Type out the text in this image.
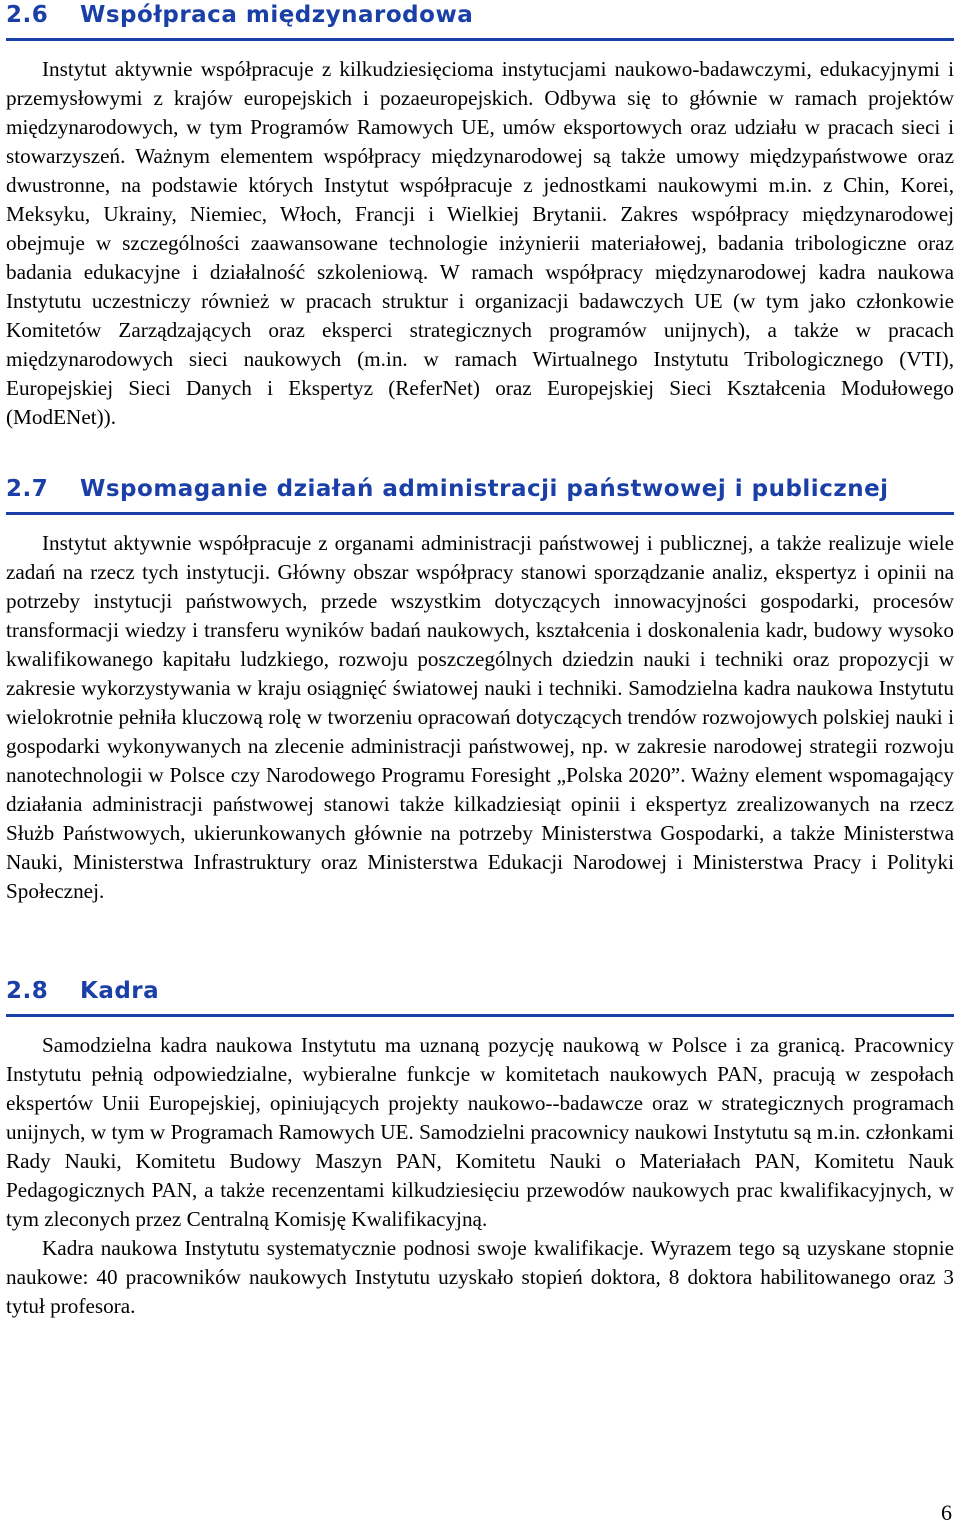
2.6	Współpraca międzynarodowa

Instytut aktywnie współpracuje z kilkudziesięcioma instytucjami naukowo-badawczymi, edukacyjnymi i przemysłowymi z krajów europejskich i pozaeuropejskich. Odbywa się to głównie w ramach projektów międzynarodowych, w tym Programów Ramowych UE, umów eksportowych oraz udziału w pracach sieci i stowarzyszeń. Ważnym elementem współpracy międzynarodowej są także umowy międzypaństwowe oraz dwustronne, na podstawie których Instytut współpracuje z jednostkami naukowymi m.in. z Chin, Korei, Meksyku, Ukrainy, Niemiec, Włoch, Francji i Wielkiej Brytanii. Zakres współpracy międzynarodowej obejmuje w szczególności zaawansowane technologie inżynierii materiałowej, badania tribologiczne oraz badania edukacyjne i działalność szkoleniową. W ramach współpracy międzynarodowej kadra naukowa Instytutu uczestniczy również w pracach struktur i organizacji badawczych UE (w tym jako członkowie Komitetów Zarządzających oraz eksperci strategicznych programów unijnych), a także w pracach międzynarodowych sieci naukowych (m.in. w ramach Wirtualnego Instytutu Tribologicznego (VTI), Europejskiej Sieci Danych i Ekspertyz (ReferNet) oraz Europejskiej Sieci Kształcenia Modułowego (ModENet)).

2.7	Wspomaganie działań administracji państwowej i publicznej

Instytut aktywnie współpracuje z organami administracji państwowej i publicznej, a także realizuje wiele zadań na rzecz tych instytucji. Główny obszar współpracy stanowi sporządzanie analiz, ekspertyz i opinii na potrzeby instytucji państwowych, przede wszystkim dotyczących innowacyjności gospodarki, procesów transformacji wiedzy i transferu wyników badań naukowych, kształcenia i doskonalenia kadr, budowy wysoko kwalifikowanego kapitału ludzkiego, rozwoju poszczególnych dziedzin nauki i techniki oraz propozycji w zakresie wykorzystywania w kraju osiągnięć światowej nauki i techniki. Samodzielna kadra naukowa Instytutu wielokrotnie pełniła kluczową rolę w tworzeniu opracowań dotyczących trendów rozwojowych polskiej nauki i gospodarki wykonywanych na zlecenie administracji państwowej, np. w zakresie narodowej strategii rozwoju nanotechnologii w Polsce czy Narodowego Programu Foresight „Polska 2020”. Ważny element wspomagający działania administracji państwowej stanowi także kilkadziesiąt opinii i ekspertyz zrealizowanych na rzecz Służb Państwowych, ukierunkowanych głównie na potrzeby Ministerstwa Gospodarki, a także Ministerstwa Nauki, Ministerstwa Infrastruktury oraz Ministerstwa Edukacji Narodowej i Ministerstwa Pracy i Polityki Społecznej.

2.8	Kadra

Samodzielna kadra naukowa Instytutu ma uznaną pozycję naukową w Polsce i za granicą. Pracownicy Instytutu pełnią odpowiedzialne, wybieralne funkcje w komitetach naukowych PAN, pracują w zespołach ekspertów Unii Europejskiej, opiniujących projekty naukowo--badawcze oraz w strategicznych programach unijnych, w tym w Programach Ramowych UE. Samodzielni pracownicy naukowi Instytutu są m.in. członkami Rady Nauki, Komitetu Budowy Maszyn PAN, Komitetu Nauki o Materiałach PAN, Komitetu Nauk Pedagogicznych PAN, a także recenzentami kilkudziesięciu przewodów naukowych prac kwalifikacyjnych, w tym zleconych przez Centralną Komisję Kwalifikacyjną.

Kadra naukowa Instytutu systematycznie podnosi swoje kwalifikacje. Wyrazem tego są uzyskane stopnie naukowe: 40 pracowników naukowych Instytutu uzyskało stopień doktora, 8 doktora habilitowanego oraz 3 tytuł profesora.

6
